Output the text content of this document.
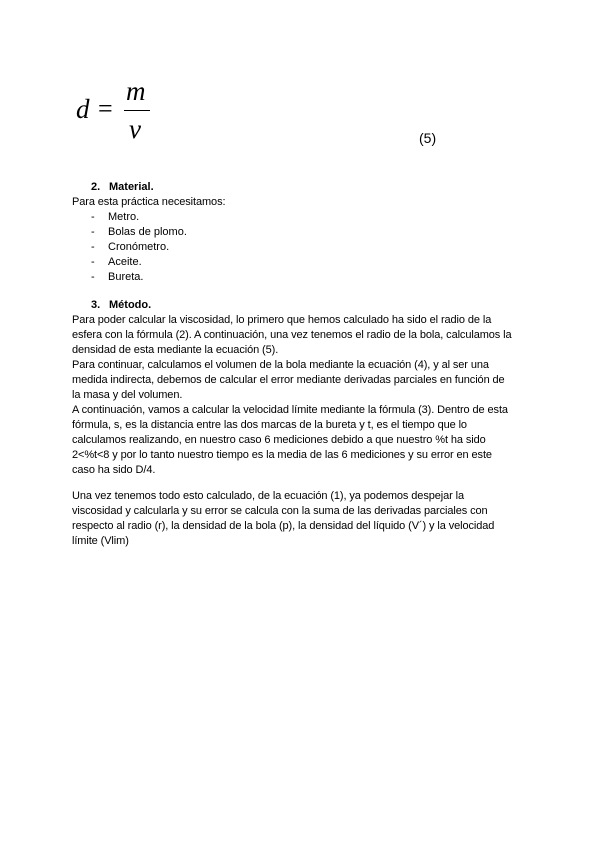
d =
m
v	(5)
2. Material.
Para esta práctica necesitamos:
-	Metro.
-	Bolas de plomo.
-	Cronómetro.
-	Aceite.
-	Bureta.
3. Método.
Para poder calcular la viscosidad, lo primero que hemos calculado ha sido el radio de la
esfera con la fórmula (2). A continuación, una vez tenemos el radio de la bola, calculamos la
densidad de esta mediante la ecuación (5).
Para continuar, calculamos el volumen de la bola mediante la ecuación (4), y al ser una
medida indirecta, debemos de calcular el error mediante derivadas parciales en función de
la masa y del volumen.
A continuación, vamos a calcular la velocidad límite mediante la fórmula (3). Dentro de esta
fórmula, s, es la distancia entre las dos marcas de la bureta y t, es el tiempo que lo
calculamos realizando, en nuestro caso 6 mediciones debido a que nuestro %t ha sido
2<%t<8 y por lo tanto nuestro tiempo es la media de las 6 mediciones y su error en este
caso ha sido D/4.
Una vez tenemos todo esto calculado, de la ecuación (1), ya podemos despejar la
viscosidad y calcularla y su error se calcula con la suma de las derivadas parciales con
respecto al radio (r), la densidad de la bola (p), la densidad del líquido (V´) y la velocidad
límite (Vlim)
